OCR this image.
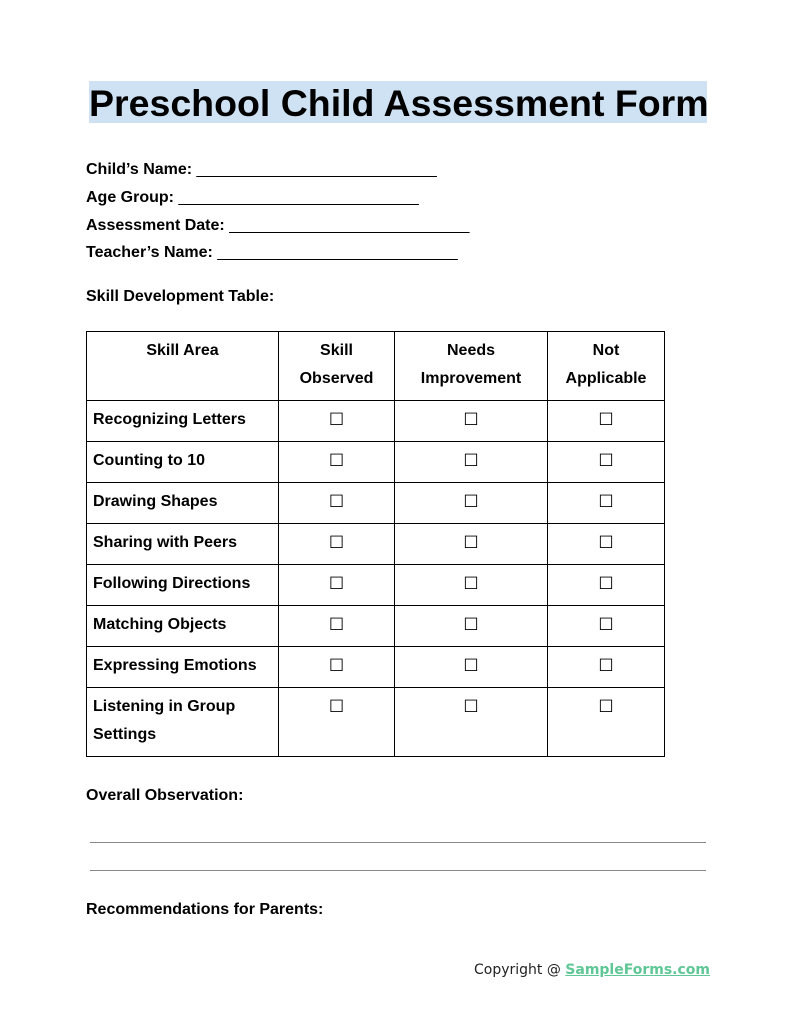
Preschool Child Assessment Form
Child’s Name: ___________________________
Age Group: ___________________________
Assessment Date: ___________________________
Teacher’s Name: ___________________________
Skill Development Table:
Skill Area	Skill Observed	Needs Improvement	Not Applicable
Recognizing Letters	☐	☐	☐
Counting to 10	☐	☐	☐
Drawing Shapes	☐	☐	☐
Sharing with Peers	☐	☐	☐
Following Directions	☐	☐	☐
Matching Objects	☐	☐	☐
Expressing Emotions	☐	☐	☐
Listening in Group Settings	☐	☐	☐
Overall Observation:
Recommendations for Parents:
Copyright @ SampleForms.com
